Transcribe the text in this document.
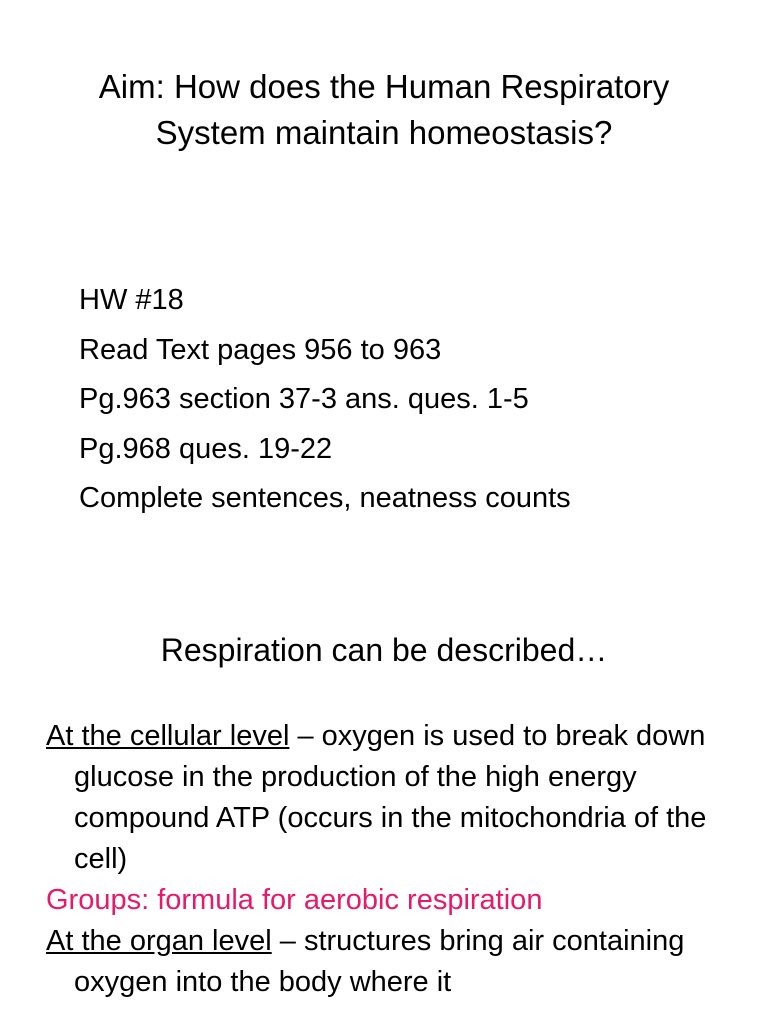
Aim: How does the Human Respiratory
System maintain homeostasis?
HW #18
Read Text pages 956 to 963
Pg.963 section 37-3 ans. ques. 1-5
Pg.968 ques. 19-22
Complete sentences, neatness counts
Respiration can be described…

At the cellular level – oxygen is used to break down glucose in the production of the high energy compound ATP (occurs in the mitochondria of the cell)

Groups: formula for aerobic respiration

At the organ level – structures bring air containing oxygen into the body where it
